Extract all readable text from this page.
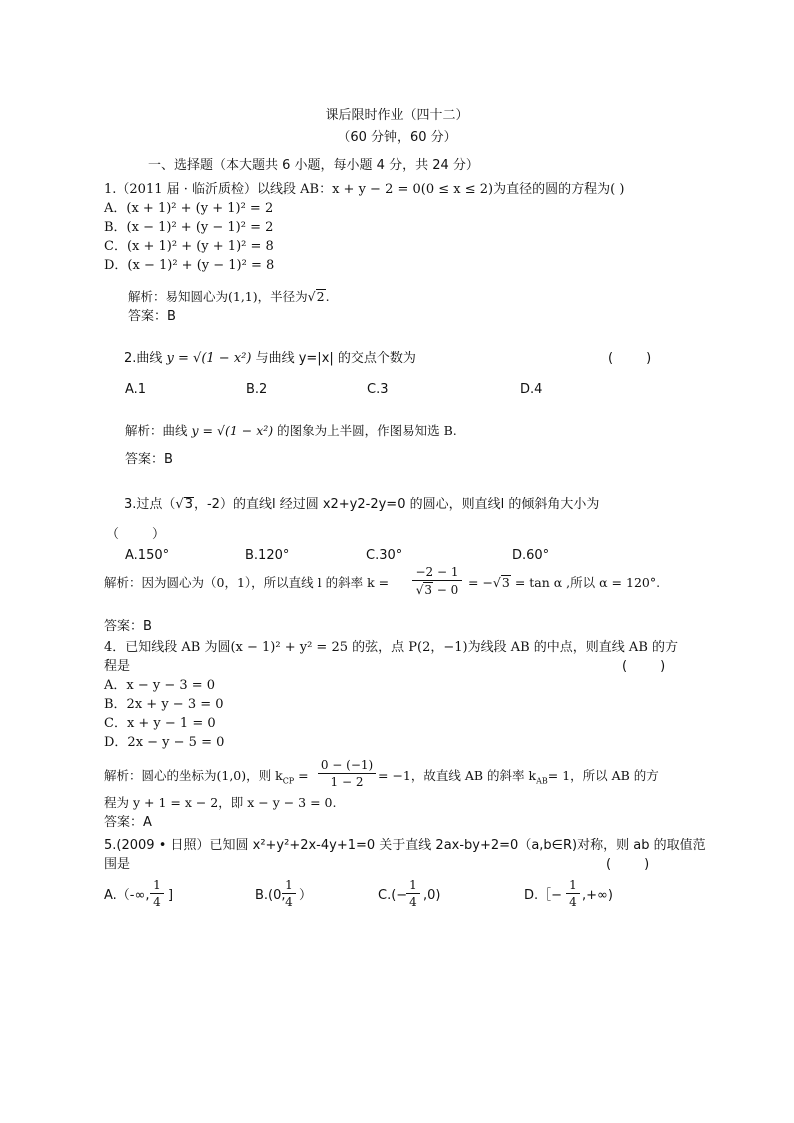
课后限时作业（四十二）
（60 分钟，60 分）
一、选择题（本大题共 6 小题，每小题 4 分，共 24 分）
1.（2011 届 · 临沂质检）以线段 AB：x + y − 2 = 0(0 ≤ x ≤ 2)为直径的圆的方程为( )
A．(x + 1)² + (y + 1)² = 2
B．(x − 1)² + (y − 1)² = 2
C．(x + 1)² + (y + 1)² = 8
D．(x − 1)² + (y − 1)² = 8
解析：易知圆心为(1,1)，半径为√2.
答案：B
2.曲线 y = √(1 − x²) 与曲线 y=|x| 的交点个数为	(        )
A.1	B.2	C.3	D.4
解析：曲线 y = √(1 − x²) 的图象为上半圆，作图易知选 B.
答案：B
3.过点（√3，-2）的直线l 经过圆 x2+y2-2y=0 的圆心，则直线l 的倾斜角大小为
（        ）
A.150°	B.120°	C.30°	D.60°
解析：因为圆心为（0，1），所以直线 l 的斜率 k =
−2 − 1
√3 − 0 = −√3 = tan α ,所以 α = 120°.
答案：B
4．已知线段 AB 为圆(x − 1)² + y² = 25 的弦，点 P(2，−1)为线段 AB 的中点，则直线 AB 的方
程是	(        )
A．x − y − 3 = 0
B．2x + y − 3 = 0
C．x + y − 1 = 0
D．2x − y − 5 = 0
解析：圆心的坐标为(1,0)，则 $k_{CP}$ =
0 − (−1)
1 − 2	= −1，故直线 AB 的斜率 $k_{AB}= 1$，所以 AB 的方
程为 y + 1 = x − 2，即 x − y − 3 = 0.
答案：A
5.(2009 • 日照）已知圆 x²+y²+2x-4y+1=0 关于直线 2ax-by+2=0（a,b∈R)对称，则 ab 的取值范
围是	(        )
A.（-∞,
1
4 ]	B.(0,
1
4 ）	C.(−
1
4 ,0)	D.［−
1
4 ,+∞)
